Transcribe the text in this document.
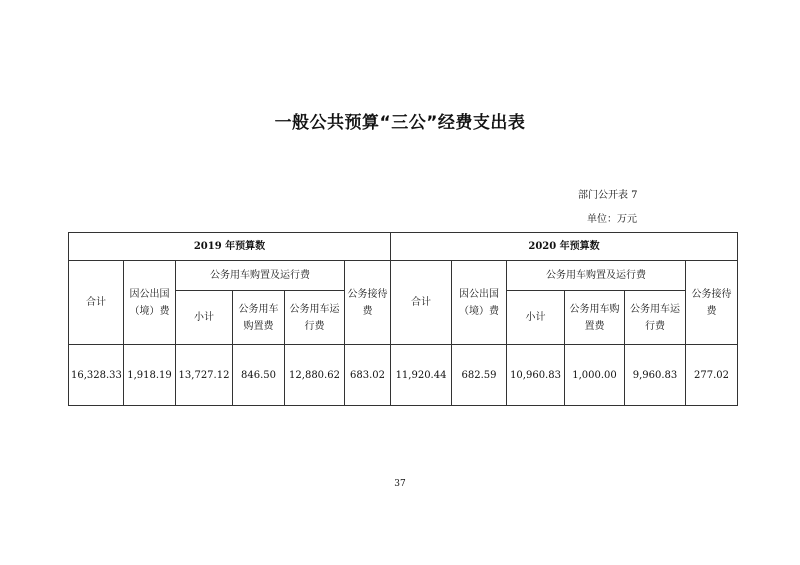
一般公共预算“三公”经费支出表
部门公开表 7
单位：万元
2019 年预算数						2020 年预算数					
合计	因公出国（境）费	公务用车购置及运行费			公务接待费	合计	因公出国（境）费	公务用车购置及运行费			公务接待费
		小计	公务用车购置费	公务用车运行费				小计	公务用车购置费	公务用车运行费	
16,328.33	1,918.19	13,727.12	846.50	12,880.62	683.02	11,920.44	682.59	10,960.83	1,000.00	9,960.83	277.02
37
